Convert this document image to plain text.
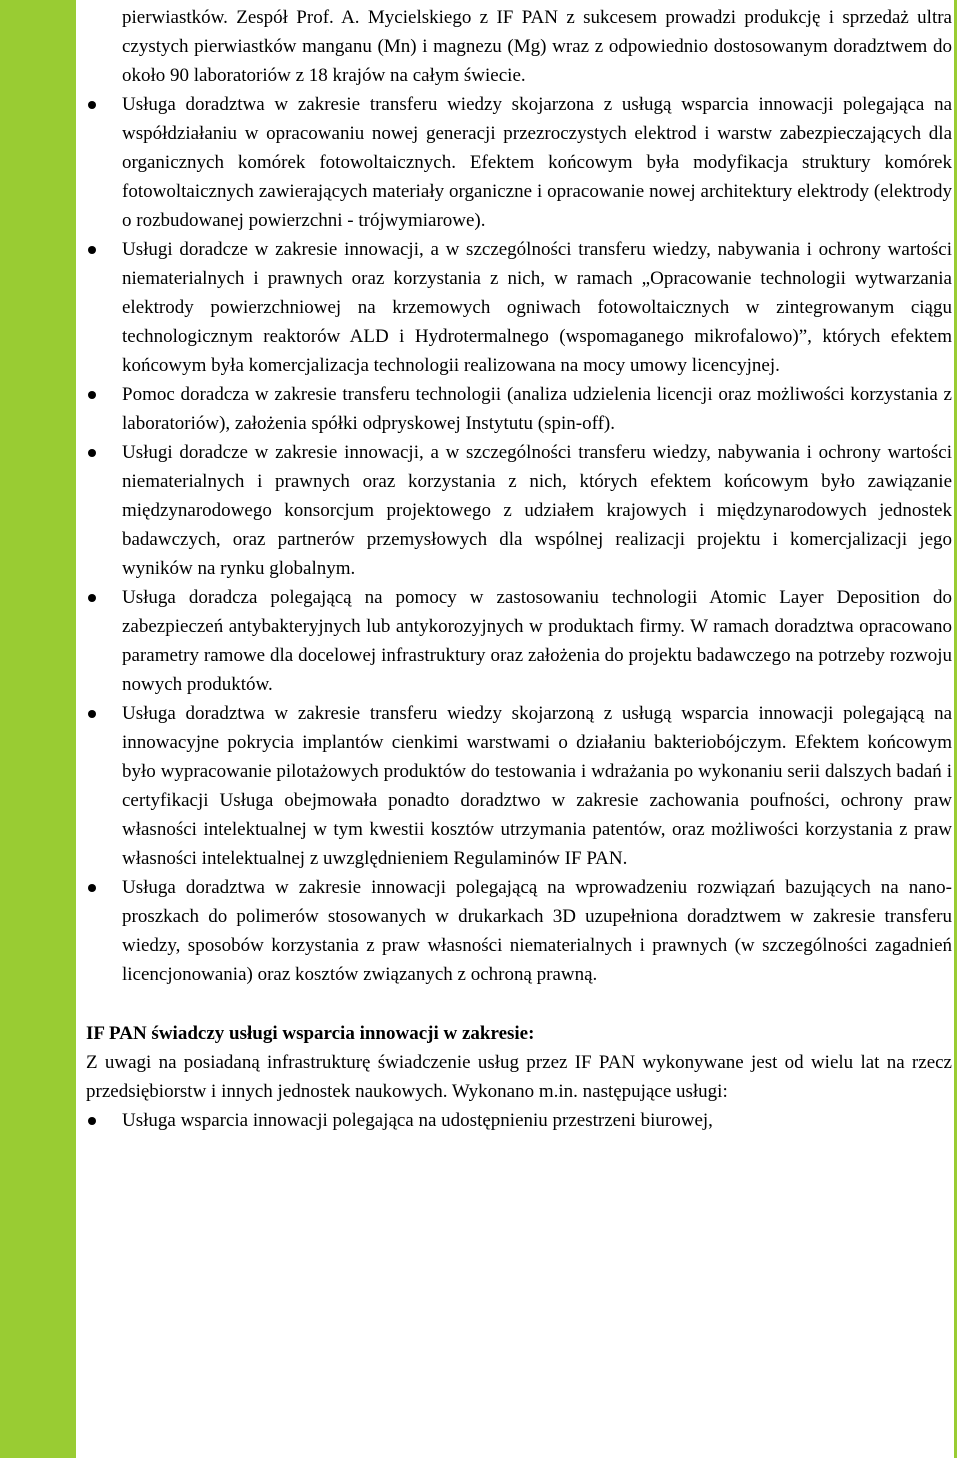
pierwiastków. Zespół Prof. A. Mycielskiego z IF PAN z sukcesem prowadzi produkcję i sprzedaż ultra czystych pierwiastków manganu (Mn) i magnezu (Mg) wraz z odpowiednio dostosowanym doradztwem do około 90 laboratoriów z 18 krajów na całym świecie.

Usługa doradztwa w zakresie transferu wiedzy skojarzona z usługą wsparcia innowacji polegająca na współdziałaniu w opracowaniu nowej generacji przezroczystych elektrod i warstw zabezpieczających dla organicznych komórek fotowoltaicznych. Efektem końcowym była modyfikacja struktury komórek fotowoltaicznych zawierających materiały organiczne i opracowanie nowej architektury elektrody (elektrody o rozbudowanej powierzchni - trójwymiarowe).
Usługi doradcze w zakresie innowacji, a w szczególności transferu wiedzy, nabywania i ochrony wartości niematerialnych i prawnych oraz korzystania z nich, w ramach „Opracowanie technologii wytwarzania elektrody powierzchniowej na krzemowych ogniwach fotowoltaicznych w zintegrowanym ciągu technologicznym reaktorów ALD i Hydrotermalnego (wspomaganego mikrofalowo)”, których efektem końcowym była komercjalizacja technologii realizowana na mocy umowy licencyjnej.
Pomoc doradcza w zakresie transferu technologii (analiza udzielenia licencji oraz możliwości korzystania z laboratoriów), założenia spółki odpryskowej Instytutu (spin-off).
Usługi doradcze w zakresie innowacji, a w szczególności transferu wiedzy, nabywania i ochrony wartości niematerialnych i prawnych oraz korzystania z nich, których efektem końcowym było zawiązanie międzynarodowego konsorcjum projektowego z udziałem krajowych i międzynarodowych jednostek badawczych, oraz partnerów przemysłowych dla wspólnej realizacji projektu i komercjalizacji jego wyników na rynku globalnym.
Usługa doradcza polegającą na pomocy w zastosowaniu technologii Atomic Layer Deposition do zabezpieczeń antybakteryjnych lub antykorozyjnych w produktach firmy. W ramach doradztwa opracowano parametry ramowe dla docelowej infrastruktury oraz założenia do projektu badawczego na potrzeby rozwoju nowych produktów.
Usługa doradztwa w zakresie transferu wiedzy skojarzoną z usługą wsparcia innowacji polegającą na innowacyjne pokrycia implantów cienkimi warstwami o działaniu bakteriobójczym. Efektem końcowym było wypracowanie pilotażowych produktów do testowania i wdrażania po wykonaniu serii dalszych badań i certyfikacji Usługa obejmowała ponadto doradztwo w zakresie zachowania poufności, ochrony praw własności intelektualnej w tym kwestii kosztów utrzymania patentów, oraz możliwości korzystania z praw własności intelektualnej z uwzględnieniem Regulaminów IF PAN.
Usługa doradztwa w zakresie innowacji polegającą na wprowadzeniu rozwiązań bazujących na nano-proszkach do polimerów stosowanych w drukarkach 3D uzupełniona doradztwem w zakresie transferu wiedzy, sposobów korzystania z praw własności niematerialnych i prawnych (w szczególności zagadnień licencjonowania) oraz kosztów związanych z ochroną prawną.

IF PAN świadczy usługi wsparcia innowacji w zakresie:

Z uwagi na posiadaną infrastrukturę świadczenie usług przez IF PAN wykonywane jest od wielu lat na rzecz przedsiębiorstw i innych jednostek naukowych. Wykonano m.in. następujące usługi:

Usługa wsparcia innowacji polegająca na udostępnieniu przestrzeni biurowej,
